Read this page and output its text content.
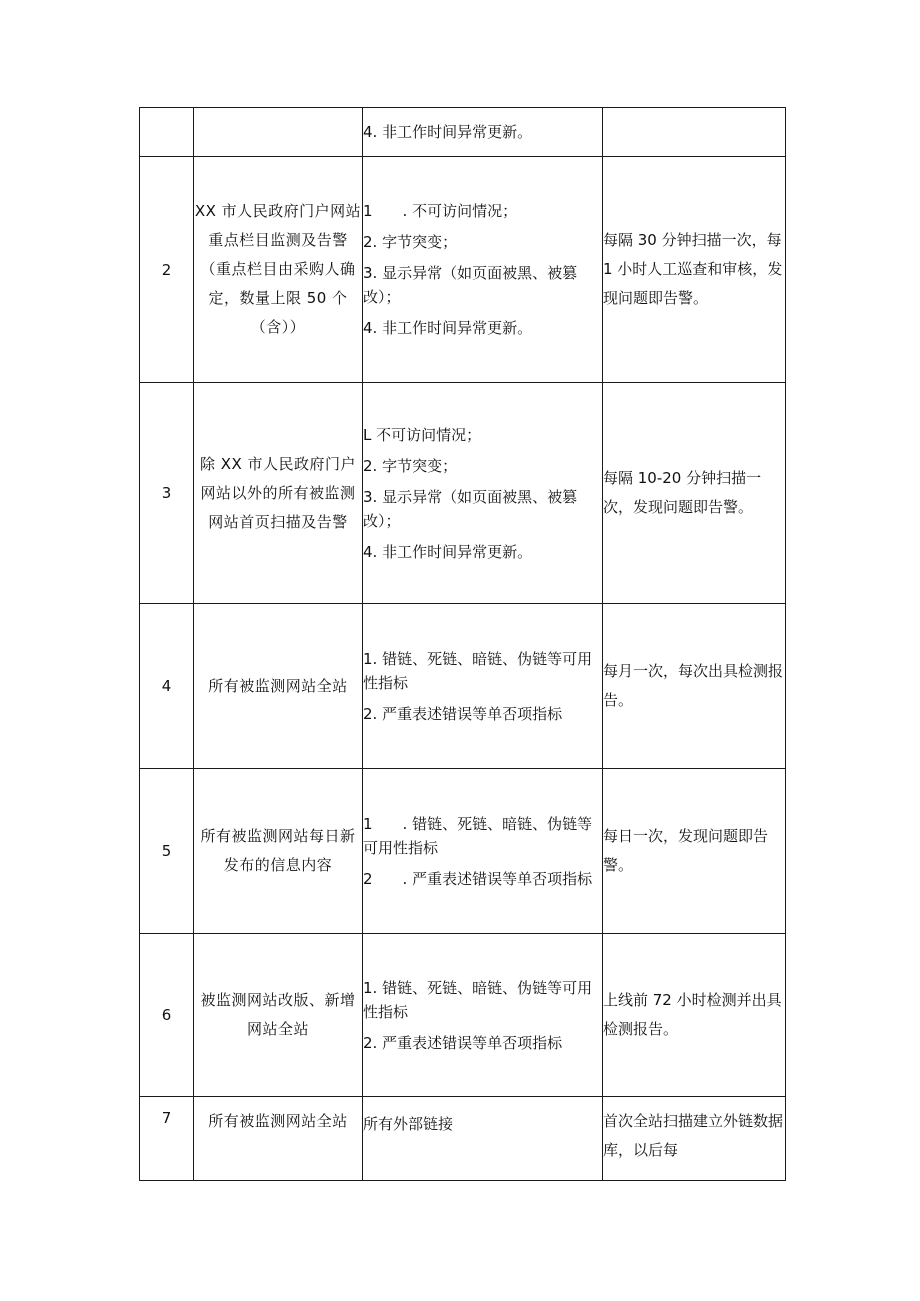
		4. 非工作时间异常更新。	

2	XX 市人民政府门户网站重点栏目监测及告警（重点栏目由采购人确定，数量上限 50 个（含））	1　　. 不可访问情况；
2. 字节突变；
3. 显示异常（如页面被黑、被篡改）；
4. 非工作时间异常更新。	每隔 30 分钟扫描一次，每 1 小时人工巡查和审核，发现问题即告警。

3	除 XX 市人民政府门户网站以外的所有被监测网站首页扫描及告警	L 不可访问情况；
2. 字节突变；
3. 显示异常（如页面被黑、被篡改）；
4. 非工作时间异常更新。	每隔 10-20 分钟扫描一次，发现问题即告警。

4	所有被监测网站全站	1. 错链、死链、暗链、伪链等可用性指标
2. 严重表述错误等单否项指标	每月一次，每次出具检测报告。

5	所有被监测网站每日新发布的信息内容	1　　. 错链、死链、暗链、伪链等可用性指标
2　　. 严重表述错误等单否项指标	每日一次，发现问题即告警。

6	被监测网站改版、新增网站全站	1. 错链、死链、暗链、伪链等可用性指标
2. 严重表述错误等单否项指标	上线前 72 小时检测并出具检测报告。

7	所有被监测网站全站	所有外部链接	首次全站扫描建立外链数据库，以后每
